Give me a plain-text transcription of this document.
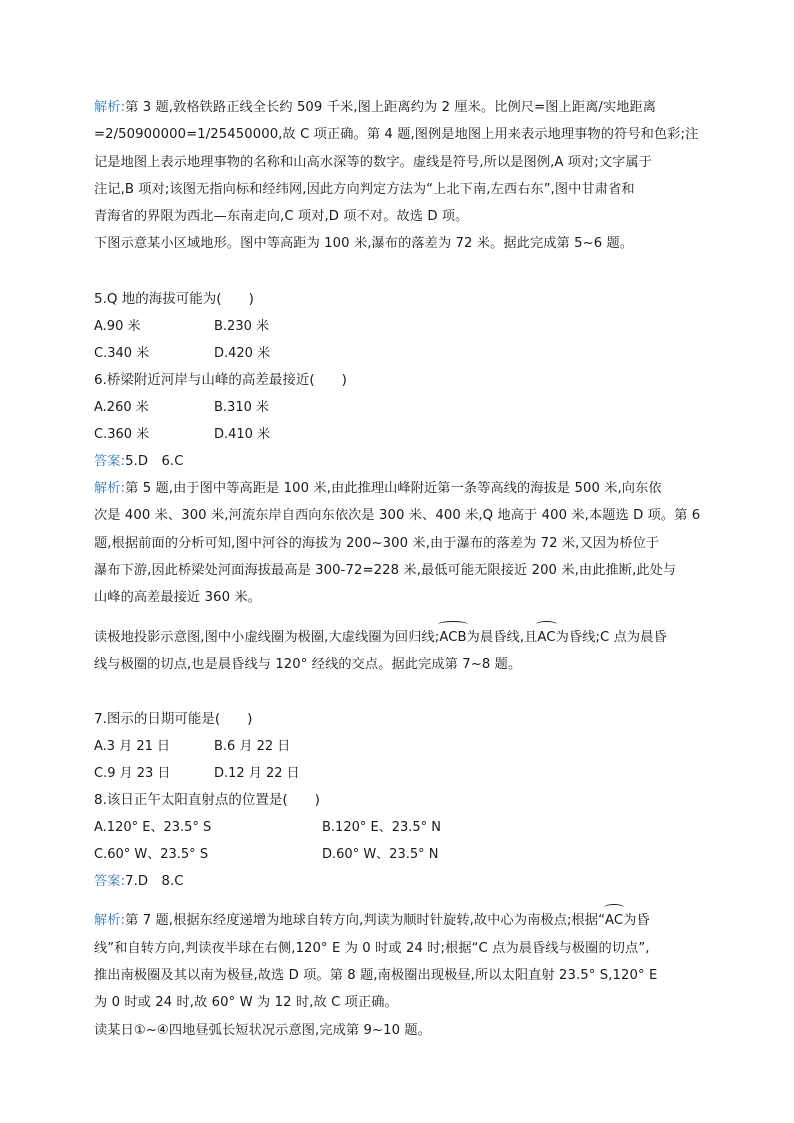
解析:第 3 题,敦格铁路正线全长约 509 千米,图上距离约为 2 厘米。比例尺=图上距离/实地距离
=2/50900000=1/25450000,故 C 项正确。第 4 题,图例是地图上用来表示地理事物的符号和色彩;注
记是地图上表示地理事物的名称和山高水深等的数字。虚线是符号,所以是图例,A 项对;文字属于
注记,B 项对;该图无指向标和经纬网,因此方向判定方法为“上北下南,左西右东”,图中甘肃省和
青海省的界限为西北—东南走向,C 项对,D 项不对。故选 D 项。

下图示意某小区域地形。图中等高距为 100 米,瀑布的落差为 72 米。据此完成第 5~6 题。

5.Q 地的海拔可能为(　　)

A.90 米	B.230 米
C.340 米	D.420 米

6.桥梁附近河岸与山峰的高差最接近(　　)

A.260 米	B.310 米
C.360 米	D.410 米

答案:5.D　6.C

解析:第 5 题,由于图中等高距是 100 米,由此推理山峰附近第一条等高线的海拔是 500 米,向东依
次是 400 米、300 米,河流东岸自西向东依次是 300 米、400 米,Q 地高于 400 米,本题选 D 项。第 6
题,根据前面的分析可知,图中河谷的海拔为 200~300 米,由于瀑布的落差为 72 米,又因为桥位于
瀑布下游,因此桥梁处河面海拔最高是 300-72=228 米,最低可能无限接近 200 米,由此推断,此处与
山峰的高差最接近 360 米。

读极地投影示意图,图中小虚线圈为极圈,大虚线圈为回归线;ACB为晨昏线,且AC为昏线;C 点为晨昏
线与极圈的切点,也是晨昏线与 120° 经线的交点。据此完成第 7~8 题。

7.图示的日期可能是(　　)

A.3 月 21 日	B.6 月 22 日
C.9 月 23 日	D.12 月 22 日

8.该日正午太阳直射点的位置是(　　)

A.120° E、23.5° S	B.120° E、23.5° N
C.60° W、23.5° S	D.60° W、23.5° N

答案:7.D　8.C

解析:第 7 题,根据东经度递增为地球自转方向,判读为顺时针旋转,故中心为南极点;根据“AC为昏
线”和自转方向,判读夜半球在右侧,120° E 为 0 时或 24 时;根据“C 点为晨昏线与极圈的切点”,
推出南极圈及其以南为极昼,故选 D 项。第 8 题,南极圈出现极昼,所以太阳直射 23.5° S,120° E
为 0 时或 24 时,故 60° W 为 12 时,故 C 项正确。

读某日①~④四地昼弧长短状况示意图,完成第 9~10 题。
